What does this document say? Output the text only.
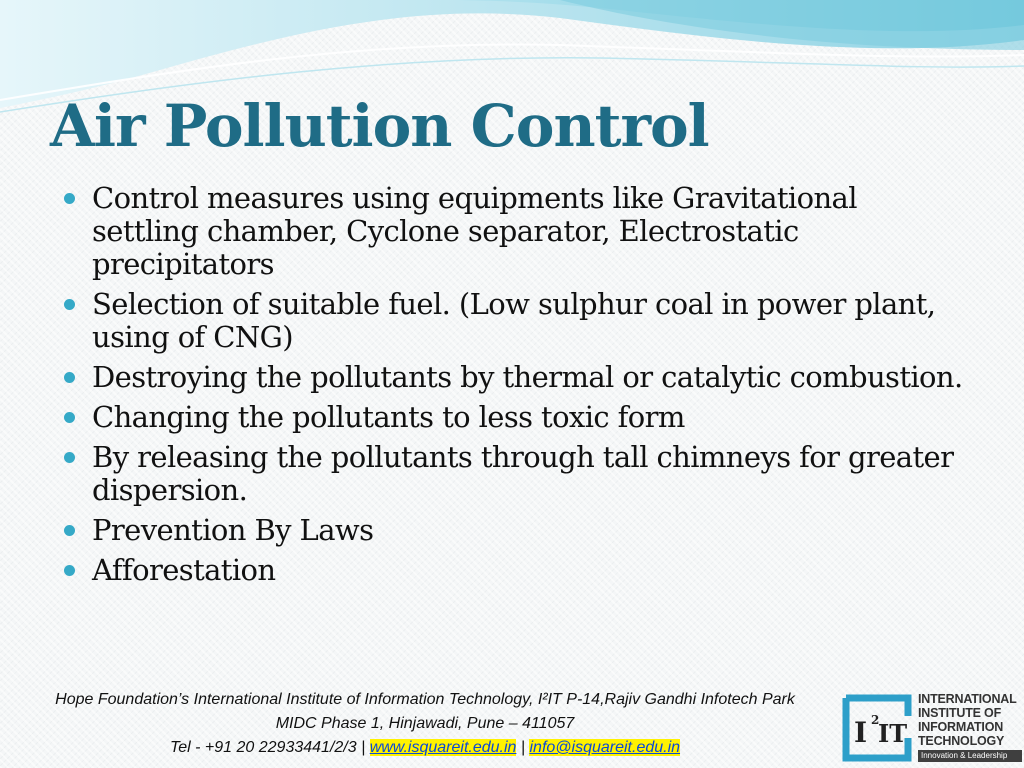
Air Pollution Control
Control measures using equipments like Gravitational settling chamber, Cyclone separator, Electrostatic precipitators
Selection of suitable fuel. (Low sulphur coal in power plant, using of CNG)
Destroying the pollutants by thermal or catalytic combustion.
Changing the pollutants to less toxic form
By releasing the pollutants through tall chimneys for greater dispersion.
Prevention By Laws
Afforestation
Hope Foundation’s International Institute of Information Technology, I²IT P-14,Rajiv Gandhi Infotech Park
MIDC Phase 1, Hinjawadi, Pune – 411057
Tel - +91 20 22933441/2/3 | www.isquareit.edu.in | info@isquareit.edu.in	I 2
IT
INTERNATIONAL
INSTITUTE OF
INFORMATION
TECHNOLOGY
Innovation & Leadership
